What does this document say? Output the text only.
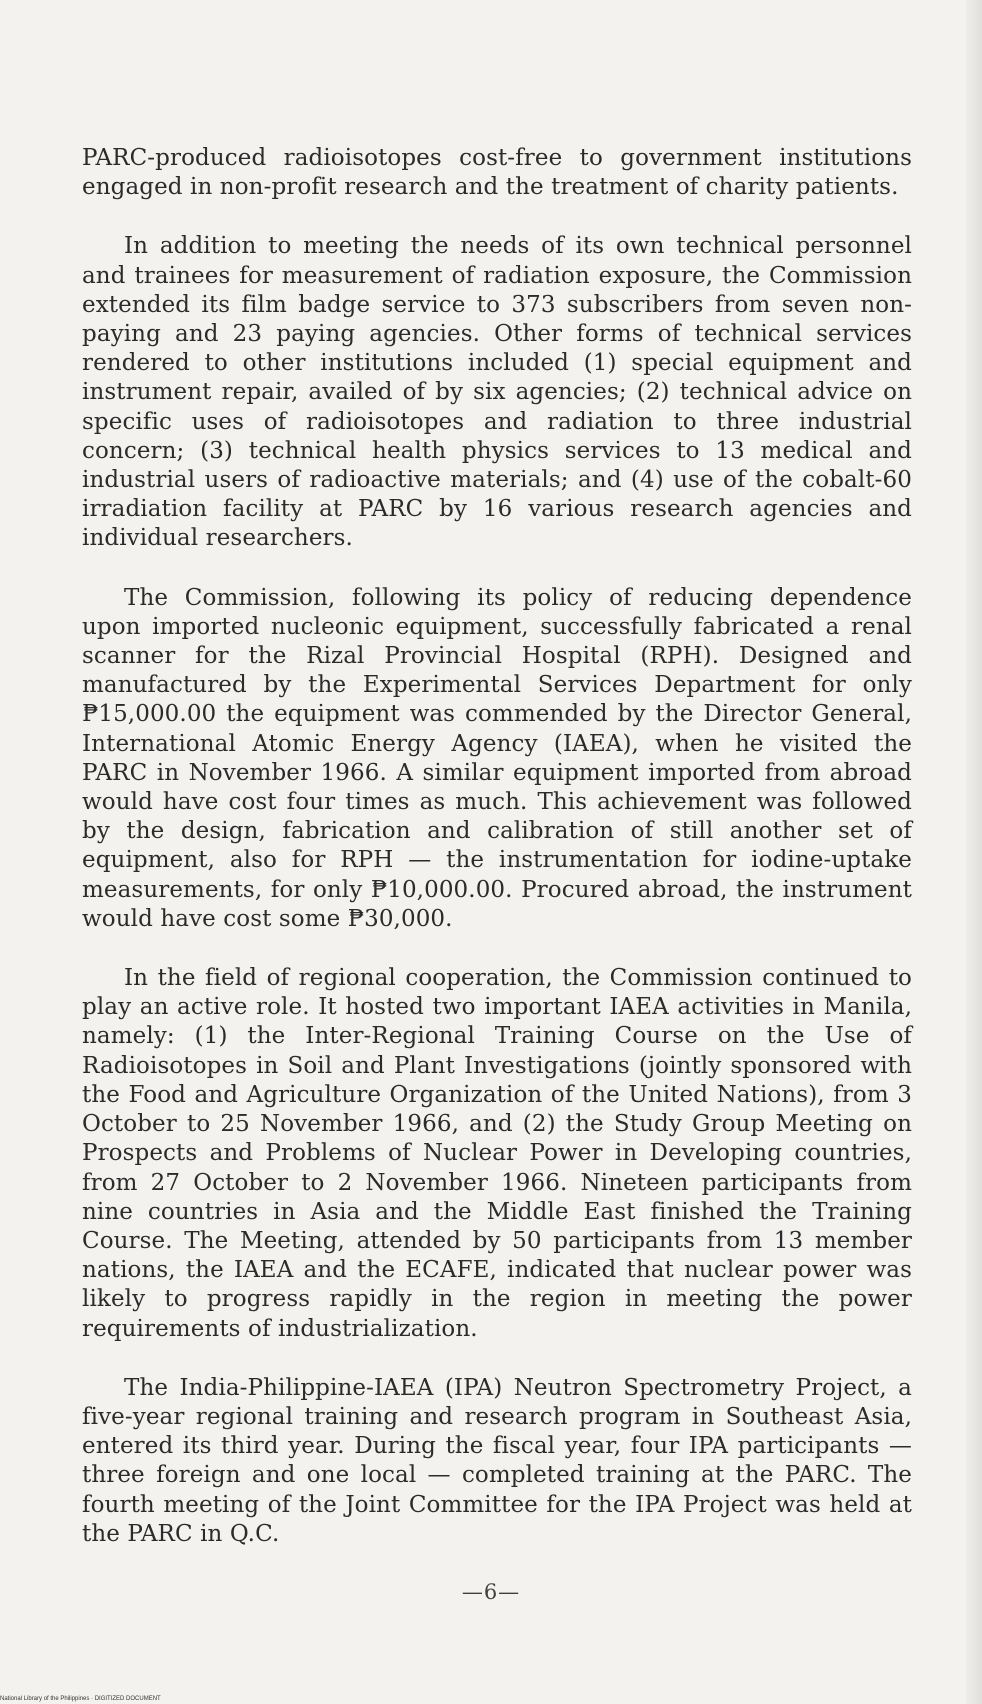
PARC-produced radioisotopes cost-free to government institutions engaged in non-profit research and the treatment of charity patients.

In addition to meeting the needs of its own technical personnel and trainees for measurement of radiation exposure, the Commission extended its film badge service to 373 subscribers from seven non-paying and 23 paying agencies. Other forms of technical services rendered to other institutions included (1) special equipment and instrument repair, availed of by six agencies; (2) technical advice on specific uses of radioisotopes and radiation to three industrial concern; (3) technical health physics services to 13 medical and industrial users of radioactive materials; and (4) use of the cobalt-60 irradiation facility at PARC by 16 various research agencies and individual researchers.

The Commission, following its policy of reducing dependence upon imported nucleonic equipment, successfully fabricated a renal scanner for the Rizal Provincial Hospital (RPH). Designed and manufactured by the Experimental Services Department for only ₱15,000.00 the equipment was commended by the Director General, International Atomic Energy Agency (IAEA), when he visited the PARC in November 1966. A similar equipment imported from abroad would have cost four times as much. This achievement was followed by the design, fabrication and calibration of still another set of equipment, also for RPH — the instrumentation for iodine-uptake measurements, for only ₱10,000.00. Procured abroad, the instrument would have cost some ₱30,000.

In the field of regional cooperation, the Commission continued to play an active role. It hosted two important IAEA activities in Manila, namely: (1) the Inter-Regional Training Course on the Use of Radioisotopes in Soil and Plant Investigations (jointly sponsored with the Food and Agriculture Organization of the United Nations), from 3 October to 25 November 1966, and (2) the Study Group Meeting on Prospects and Problems of Nuclear Power in Developing countries, from 27 October to 2 November 1966. Nineteen participants from nine countries in Asia and the Middle East finished the Training Course. The Meeting, attended by 50 participants from 13 member nations, the IAEA and the ECAFE, indicated that nuclear power was likely to progress rapidly in the region in meeting the power requirements of industrialization.

The India-Philippine-IAEA (IPA) Neutron Spectrometry Project, a five-year regional training and research program in Southeast Asia, entered its third year. During the fiscal year, four IPA participants — three foreign and one local — completed training at the PARC. The fourth meeting of the Joint Committee for the IPA Project was held at the PARC in Q.C.

—6—
National Library of the Philippines · DIGITIZED DOCUMENT
